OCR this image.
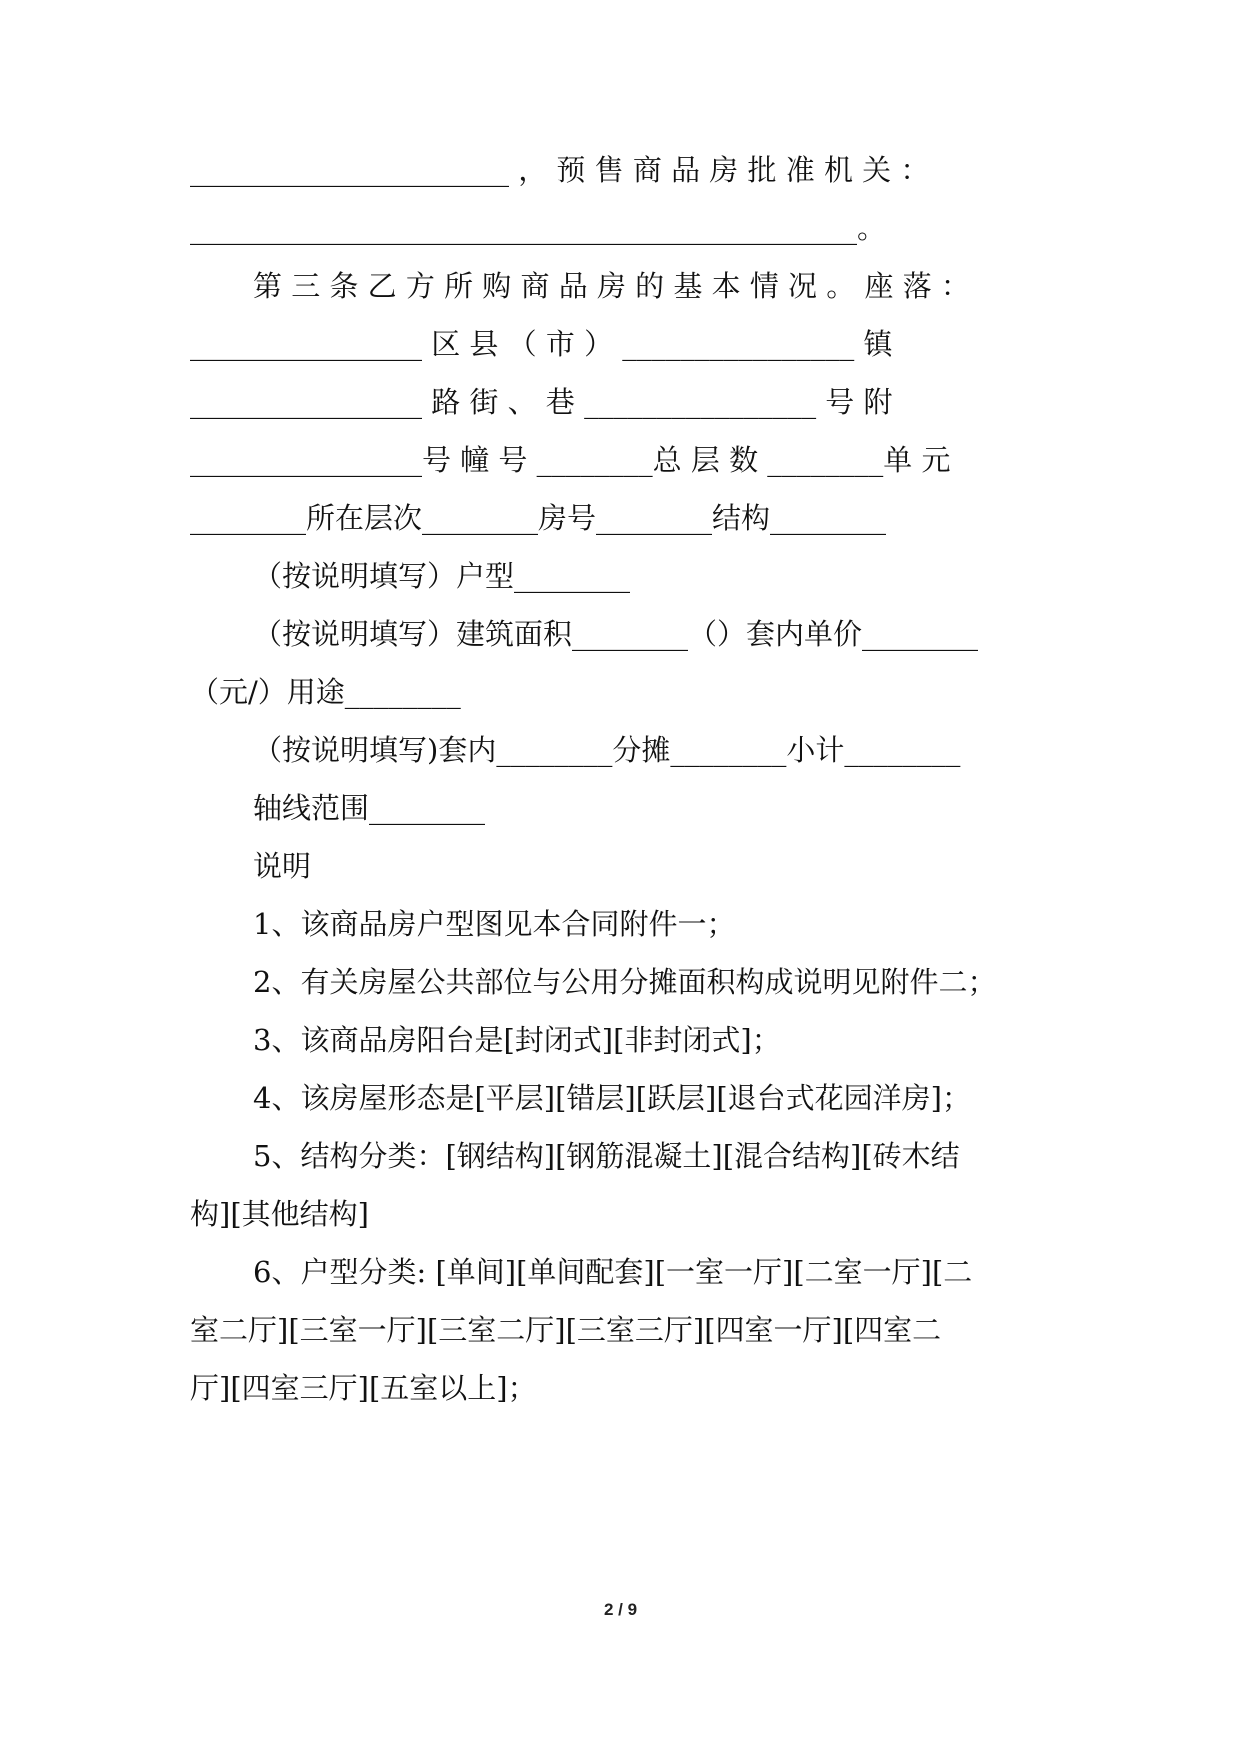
______________________ ， 预 售 商 品 房 批 准 机 关 ：
______________________________________________。
第 三 条 乙 方 所 购 商 品 房 的 基 本 情 况 。 座 落 ：
________________ 区 县 （ 市 ） ________________ 镇
________________ 路 街 、 巷 ________________ 号 附
________________号 幢 号 ________总 层 数 ________单 元
________所在层次________房号________结构________
（按说明填写）户型________
（按说明填写）建筑面积________（）套内单价________
（元/）用途________
（按说明填写)套内________分摊________小计________
轴线范围________
说明
1、该商品房户型图见本合同附件一；
2、有关房屋公共部位与公用分摊面积构成说明见附件二；
3、该商品房阳台是[封闭式][非封闭式]；
4、该房屋形态是[平层][错层][跃层][退台式花园洋房]；
5、结构分类：[钢结构][钢筋混凝土][混合结构][砖木结
构][其他结构]
6、户型分类: [单间][单间配套][一室一厅][二室一厅][二
室二厅][三室一厅][三室二厅][三室三厅][四室一厅][四室二
厅][四室三厅][五室以上]；
2 / 9
